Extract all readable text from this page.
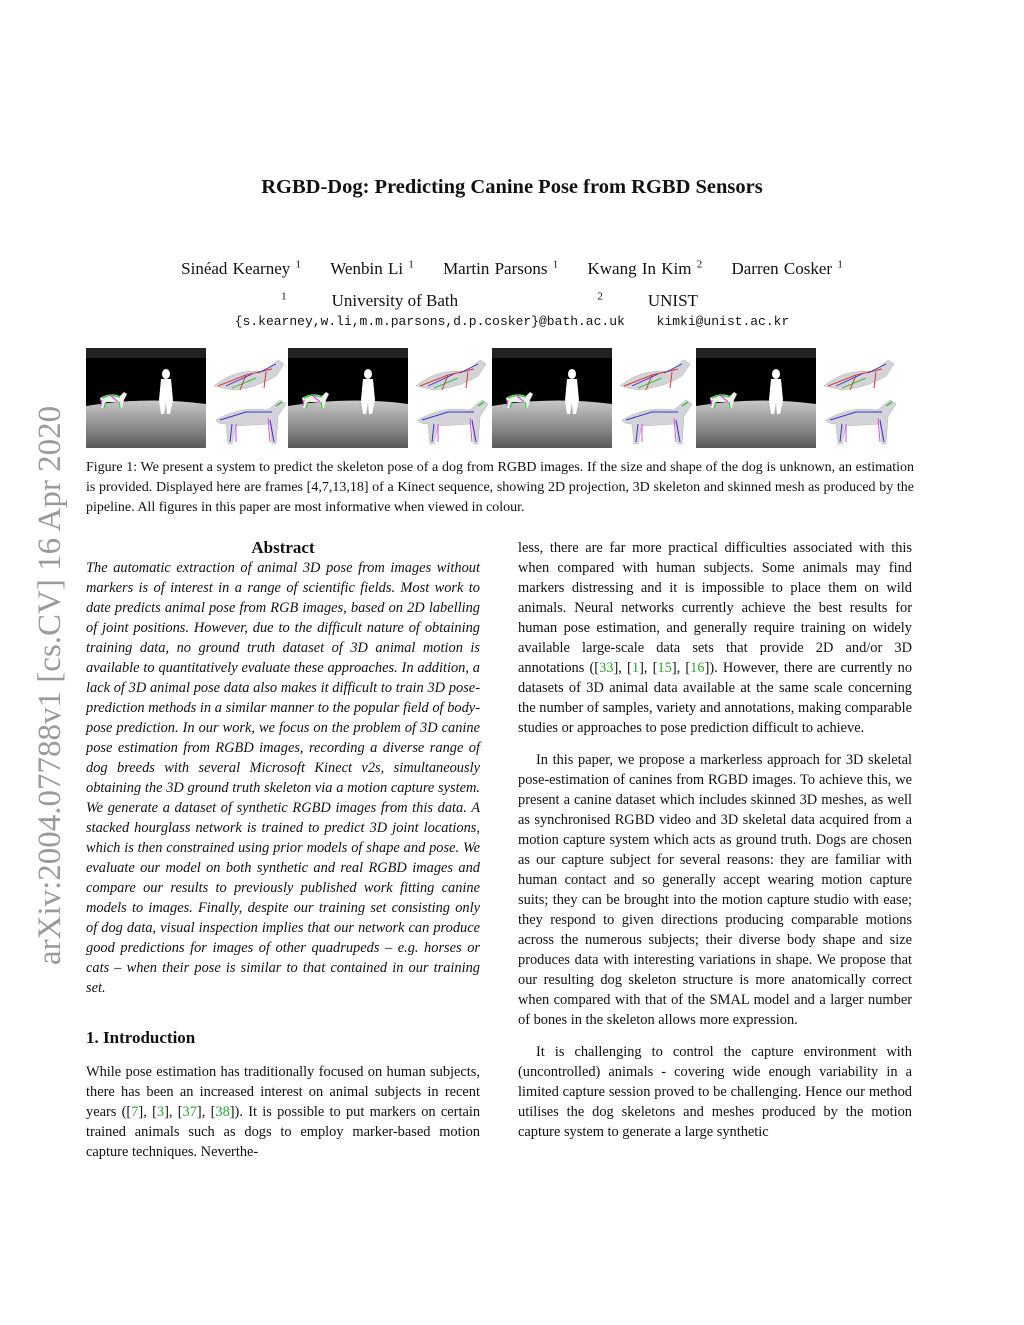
arXiv:2004.07788v1 [cs.CV] 16 Apr 2020
RGBD-Dog: Predicting Canine Pose from RGBD Sensors
Sinéad Kearney $^1$ Wenbin Li $^1$ Martin Parsons $^1$ Kwang In Kim $^2$ Darren Cosker $^1$
$^1$	University of Bath	$^2$	UNIST
{s.kearney,w.li,m.m.parsons,d.p.cosker}@bath.ac.uk kimki@unist.ac.kr
Figure 1: We present a system to predict the skeleton pose of a dog from RGBD images. If the size and shape of the dog is unknown, an estimation is provided. Displayed here are frames [4,7,13,18] of a Kinect sequence, showing 2D projection, 3D skeleton and skinned mesh as produced by the pipeline. All figures in this paper are most informative when viewed in colour.

Abstract

The automatic extraction of animal 3D pose from images without markers is of interest in a range of scientific fields. Most work to date predicts animal pose from RGB images, based on 2D labelling of joint positions. However, due to the difficult nature of obtaining training data, no ground truth dataset of 3D animal motion is available to quantitatively evaluate these approaches. In addition, a lack of 3D animal pose data also makes it difficult to train 3D pose-prediction methods in a similar manner to the popular field of body-pose prediction. In our work, we focus on the problem of 3D canine pose estimation from RGBD images, recording a diverse range of dog breeds with several Microsoft Kinect v2s, simultaneously obtaining the 3D ground truth skeleton via a motion capture system. We generate a dataset of synthetic RGBD images from this data. A stacked hourglass network is trained to predict 3D joint locations, which is then constrained using prior models of shape and pose. We evaluate our model on both synthetic and real RGBD images and compare our results to previously published work fitting canine models to images. Finally, despite our training set consisting only of dog data, visual inspection implies that our network can produce good predictions for images of other quadrupeds – e.g. horses or cats – when their pose is similar to that contained in our training set.

1. Introduction

While pose estimation has traditionally focused on human subjects, there has been an increased interest on animal subjects in recent years ([7], [3], [37], [38]). It is possible to put markers on certain trained animals such as dogs to employ marker-based motion capture techniques. Neverthe-

less, there are far more practical difficulties associated with this when compared with human subjects. Some animals may find markers distressing and it is impossible to place them on wild animals. Neural networks currently achieve the best results for human pose estimation, and generally require training on widely available large-scale data sets that provide 2D and/or 3D annotations ([33], [1], [15], [16]). However, there are currently no datasets of 3D animal data available at the same scale concerning the number of samples, variety and annotations, making comparable studies or approaches to pose prediction difficult to achieve.

In this paper, we propose a markerless approach for 3D skeletal pose-estimation of canines from RGBD images. To achieve this, we present a canine dataset which includes skinned 3D meshes, as well as synchronised RGBD video and 3D skeletal data acquired from a motion capture system which acts as ground truth. Dogs are chosen as our capture subject for several reasons: they are familiar with human contact and so generally accept wearing motion capture suits; they can be brought into the motion capture studio with ease; they respond to given directions producing comparable motions across the numerous subjects; their diverse body shape and size produces data with interesting variations in shape. We propose that our resulting dog skeleton structure is more anatomically correct when compared with that of the SMAL model and a larger number of bones in the skeleton allows more expression.

It is challenging to control the capture environment with (uncontrolled) animals - covering wide enough variability in a limited capture session proved to be challenging. Hence our method utilises the dog skeletons and meshes produced by the motion capture system to generate a large synthetic
